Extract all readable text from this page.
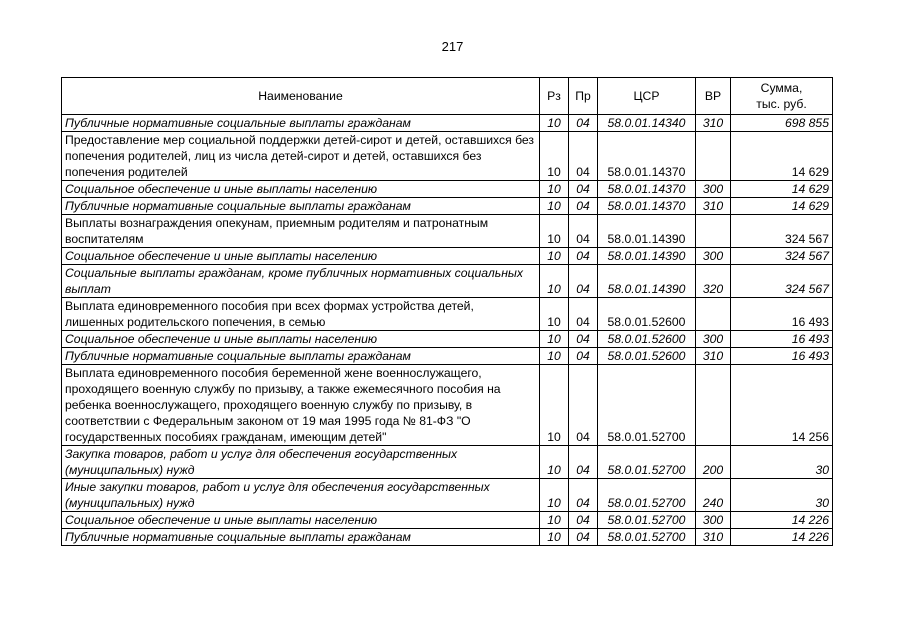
217
Наименование	Рз	Пр	ЦСР	ВР	Сумма,
тыс. руб.

Публичные нормативные социальные выплаты гражданам	10	04	58.0.01.14340	310	698 855
Предоставление мер социальной поддержки детей-сирот и детей, оставшихся без попечения родителей, лиц из числа детей-сирот и детей, оставшихся без попечения родителей	10	04	58.0.01.14370		14 629
Социальное обеспечение и иные выплаты населению	10	04	58.0.01.14370	300	14 629
Публичные нормативные социальные выплаты гражданам	10	04	58.0.01.14370	310	14 629
Выплаты вознаграждения опекунам, приемным родителям и патронатным воспитателям	10	04	58.0.01.14390		324 567
Социальное обеспечение и иные выплаты населению	10	04	58.0.01.14390	300	324 567
Социальные выплаты гражданам, кроме публичных нормативных социальных выплат	10	04	58.0.01.14390	320	324 567
Выплата единовременного пособия при всех формах устройства детей, лишенных родительского попечения, в семью	10	04	58.0.01.52600		16 493
Социальное обеспечение и иные выплаты населению	10	04	58.0.01.52600	300	16 493
Публичные нормативные социальные выплаты гражданам	10	04	58.0.01.52600	310	16 493
Выплата единовременного пособия беременной жене военнослужащего, проходящего военную службу по призыву, а также ежемесячного пособия на ребенка военнослужащего, проходящего военную службу по призыву, в соответствии с Федеральным законом от 19 мая 1995 года № 81-ФЗ "О государственных пособиях гражданам, имеющим детей"	10	04	58.0.01.52700		14 256
Закупка товаров, работ и услуг для обеспечения государственных (муниципальных) нужд	10	04	58.0.01.52700	200	30
Иные закупки товаров, работ и услуг для обеспечения государственных (муниципальных) нужд	10	04	58.0.01.52700	240	30
Социальное обеспечение и иные выплаты населению	10	04	58.0.01.52700	300	14 226
Публичные нормативные социальные выплаты гражданам	10	04	58.0.01.52700	310	14 226
